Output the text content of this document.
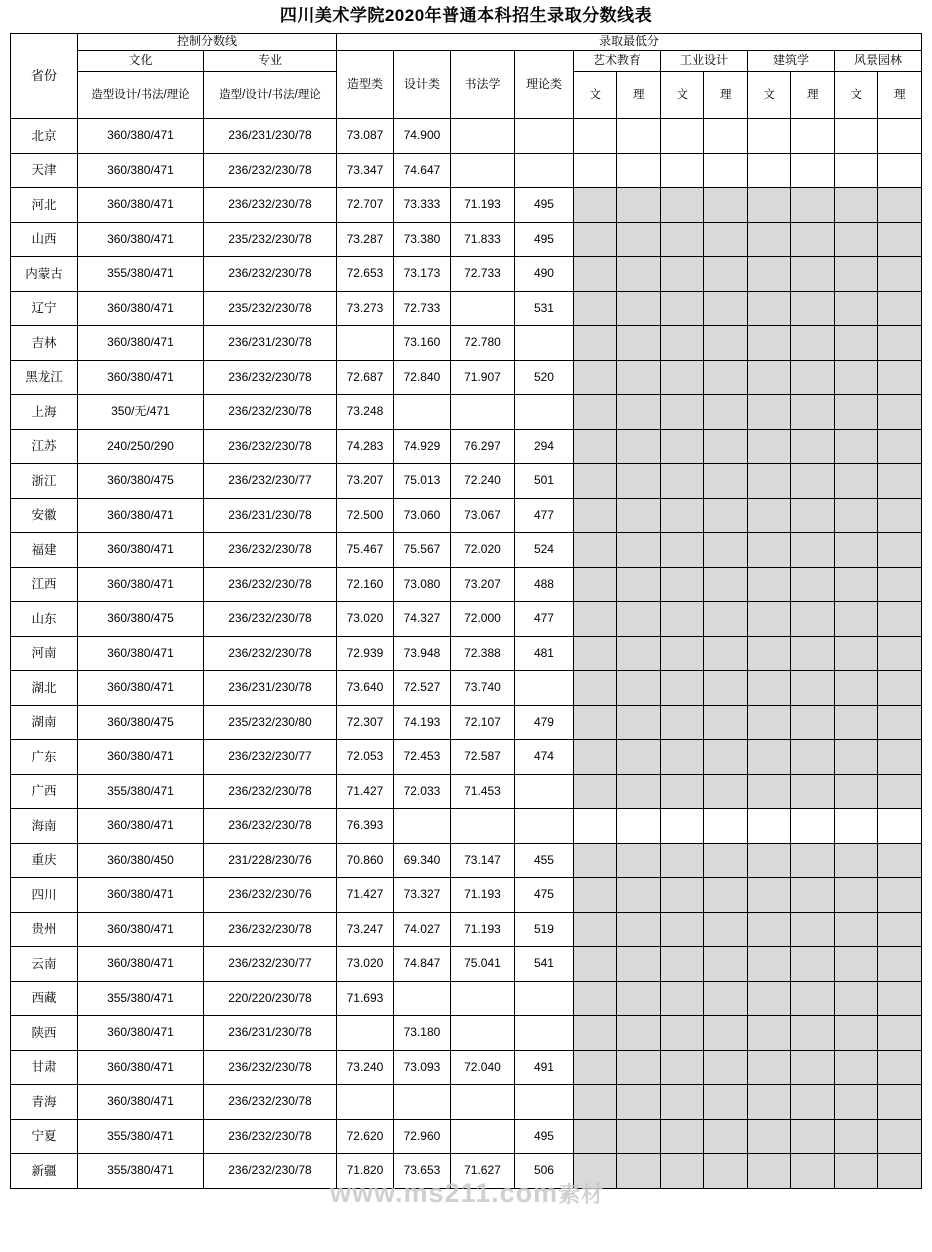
四川美术学院2020年普通本科招生录取分数线表
省份	控制分数线		录取最低分											
	文化	专业	造型类	设计类	书法学	理论类	艺术教育		工业设计		建筑学		风景园林	
	造型设计/书法/理论	造型/设计/书法/理论					文	理	文	理	文	理	文	理

北京	360/380/471	236/231/230/78	73.087	74.900										
天津	360/380/471	236/232/230/78	73.347	74.647										
河北	360/380/471	236/232/230/78	72.707	73.333	71.193	495								
山西	360/380/471	235/232/230/78	73.287	73.380	71.833	495								
内蒙古	355/380/471	236/232/230/78	72.653	73.173	72.733	490								
辽宁	360/380/471	235/232/230/78	73.273	72.733		531								
吉林	360/380/471	236/231/230/78		73.160	72.780									
黑龙江	360/380/471	236/232/230/78	72.687	72.840	71.907	520								
上海	350/无/471	236/232/230/78	73.248											
江苏	240/250/290	236/232/230/78	74.283	74.929	76.297	294								
浙江	360/380/475	236/232/230/77	73.207	75.013	72.240	501								
安徽	360/380/471	236/231/230/78	72.500	73.060	73.067	477								
福建	360/380/471	236/232/230/78	75.467	75.567	72.020	524								
江西	360/380/471	236/232/230/78	72.160	73.080	73.207	488								
山东	360/380/475	236/232/230/78	73.020	74.327	72.000	477								
河南	360/380/471	236/232/230/78	72.939	73.948	72.388	481								
湖北	360/380/471	236/231/230/78	73.640	72.527	73.740									
湖南	360/380/475	235/232/230/80	72.307	74.193	72.107	479								
广东	360/380/471	236/232/230/77	72.053	72.453	72.587	474								
广西	355/380/471	236/232/230/78	71.427	72.033	71.453									
海南	360/380/471	236/232/230/78	76.393											
重庆	360/380/450	231/228/230/76	70.860	69.340	73.147	455								
四川	360/380/471	236/232/230/76	71.427	73.327	71.193	475								
贵州	360/380/471	236/232/230/78	73.247	74.027	71.193	519								
云南	360/380/471	236/232/230/77	73.020	74.847	75.041	541								
西藏	355/380/471	220/220/230/78	71.693											
陕西	360/380/471	236/231/230/78		73.180										
甘肃	360/380/471	236/232/230/78	73.240	73.093	72.040	491								
青海	360/380/471	236/232/230/78												
宁夏	355/380/471	236/232/230/78	72.620	72.960		495								
新疆	355/380/471	236/232/230/78	71.820	73.653	71.627	506								
www.ms211.com素材
